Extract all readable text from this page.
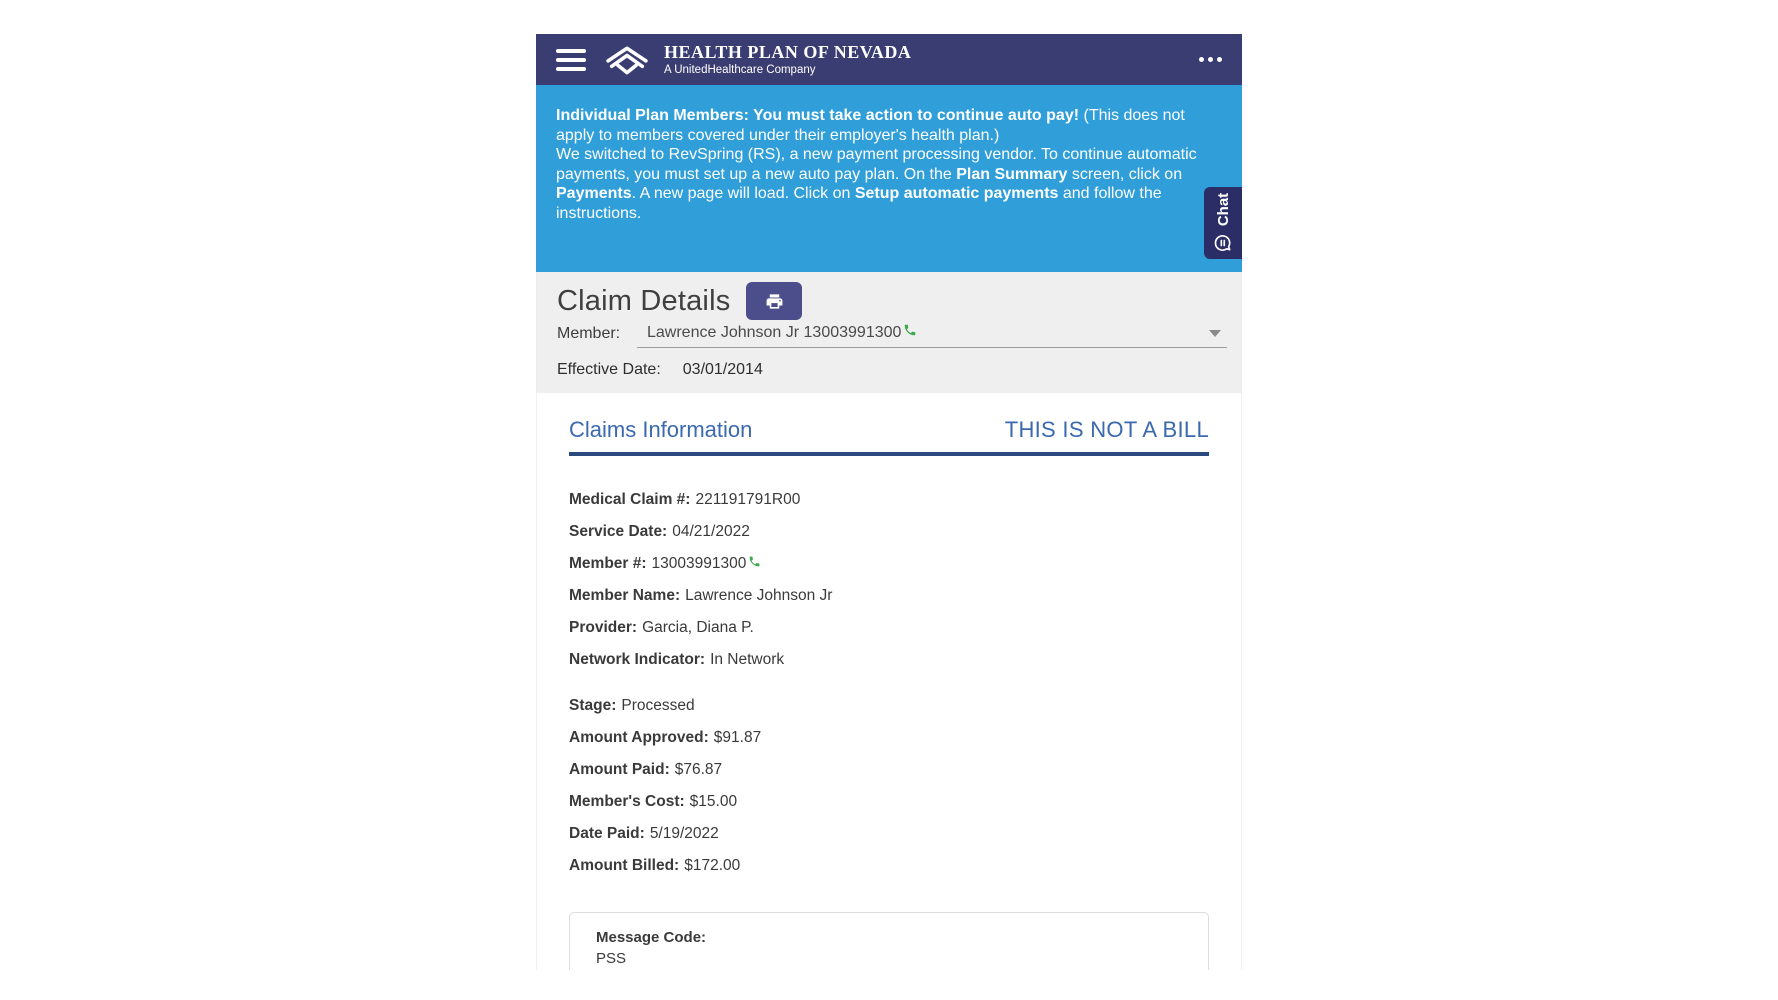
HEALTH PLAN OF NEVADA
A UnitedHealthcare Company

Individual Plan Members: You must take action to continue auto pay! (This does not apply to members covered under their employer's health plan.)

We switched to RevSpring (RS), a new payment processing vendor. To continue automatic payments, you must set up a new auto pay plan. On the Plan Summary screen, click on Payments. A new page will load. Click on Setup automatic payments and follow the instructions.	Chat
Claim Details
Member:	Lawrence Johnson Jr 13003991300
Effective Date: 03/01/2014
Claims Information	THIS IS NOT A BILL
Medical Claim #: 221191791R00
Service Date: 04/21/2022
Member #: 13003991300
Member Name: Lawrence Johnson Jr
Provider: Garcia, Diana P.
Network Indicator: In Network
Stage: Processed
Amount Approved: $91.87
Amount Paid: $76.87
Member's Cost: $15.00
Date Paid: 5/19/2022
Amount Billed: $172.00
Message Code:
PSS
